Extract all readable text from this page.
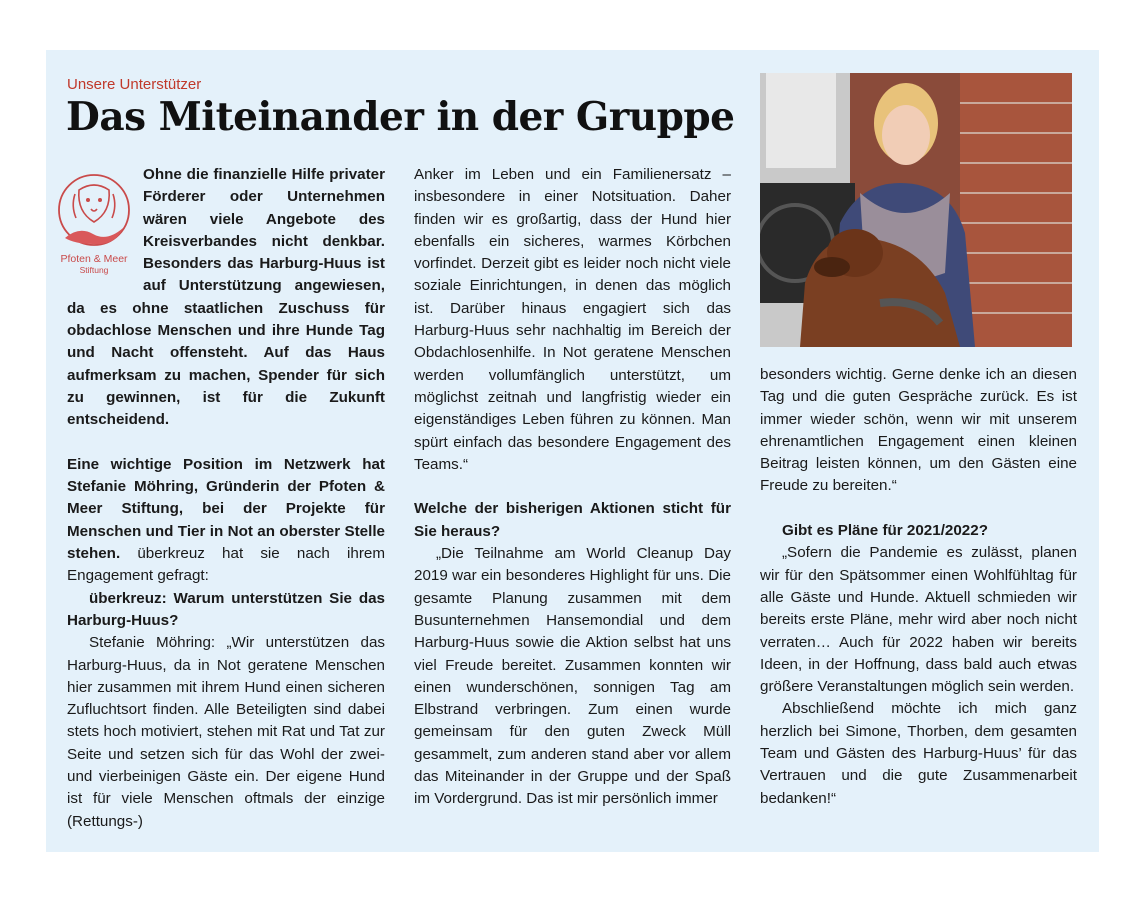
Unsere Unterstützer
Das Miteinander in der Gruppe
Pfoten & Meer
Stiftung

Ohne die finanzielle Hilfe privater Förderer oder Unternehmen wären viele Angebote des Kreisverbandes nicht denkbar. Besonders das Harburg-Huus ist auf Unterstützung angewiesen, da es ohne staatlichen Zuschuss für obdachlose Menschen und ihre Hunde Tag und Nacht offensteht. Auf das Haus aufmerksam zu machen, Spender für sich zu gewinnen, ist für die Zukunft entscheidend.

Eine wichtige Position im Netzwerk hat Stefanie Möhring, Gründerin der Pfoten & Meer Stiftung, bei der Projekte für Menschen und Tier in Not an oberster Stelle stehen. überkreuz hat sie nach ihrem Engagement gefragt:

überkreuz: Warum unterstützen Sie das Harburg-Huus?

Stefanie Möhring: „Wir unterstützen das Harburg-Huus, da in Not geratene Menschen hier zusammen mit ihrem Hund einen sicheren Zufluchtsort finden. Alle Beteiligten sind dabei stets hoch motiviert, stehen mit Rat und Tat zur Seite und setzen sich für das Wohl der zwei- und vierbeinigen Gäste ein. Der eigene Hund ist für viele Menschen oftmals der einzige (Rettungs-)

Anker im Leben und ein Familienersatz – insbesondere in einer Notsituation. Daher finden wir es großartig, dass der Hund hier ebenfalls ein sicheres, warmes Körbchen vorfindet. Derzeit gibt es leider noch nicht viele soziale Einrichtungen, in denen das möglich ist. Darüber hinaus engagiert sich das Harburg-Huus sehr nachhaltig im Bereich der Obdachlosenhilfe. In Not geratene Menschen werden vollumfänglich unterstützt, um möglichst zeitnah und langfristig wieder ein eigenständiges Leben führen zu können. Man spürt einfach das besondere Engagement des Teams.“

Welche der bisherigen Aktionen sticht für Sie heraus?

„Die Teilnahme am World Cleanup Day 2019 war ein besonderes Highlight für uns. Die gesamte Planung zusammen mit dem Busunternehmen Hansemondial und dem Harburg-Huus sowie die Aktion selbst hat uns viel Freude bereitet. Zusammen konnten wir einen wunderschönen, sonnigen Tag am Elbstrand verbringen. Zum einen wurde gemeinsam für den guten Zweck Müll gesammelt, zum anderen stand aber vor allem das Miteinander in der Gruppe und der Spaß im Vordergrund. Das ist mir persönlich immer

besonders wichtig. Gerne denke ich an diesen Tag und die guten Gespräche zurück. Es ist immer wieder schön, wenn wir mit unserem ehrenamtlichen Engagement einen kleinen Beitrag leisten können, um den Gästen eine Freude zu bereiten.“

Gibt es Pläne für 2021/2022?

„Sofern die Pandemie es zulässt, planen wir für den Spätsommer einen Wohlfühltag für alle Gäste und Hunde. Aktuell schmieden wir bereits erste Pläne, mehr wird aber noch nicht verraten… Auch für 2022 haben wir bereits Ideen, in der Hoffnung, dass bald auch etwas größere Veranstaltungen möglich sein werden.

Abschließend möchte ich mich ganz herzlich bei Simone, Thorben, dem gesamten Team und Gästen des Harburg-Huus’ für das Vertrauen und die gute Zusammenarbeit bedanken!“
